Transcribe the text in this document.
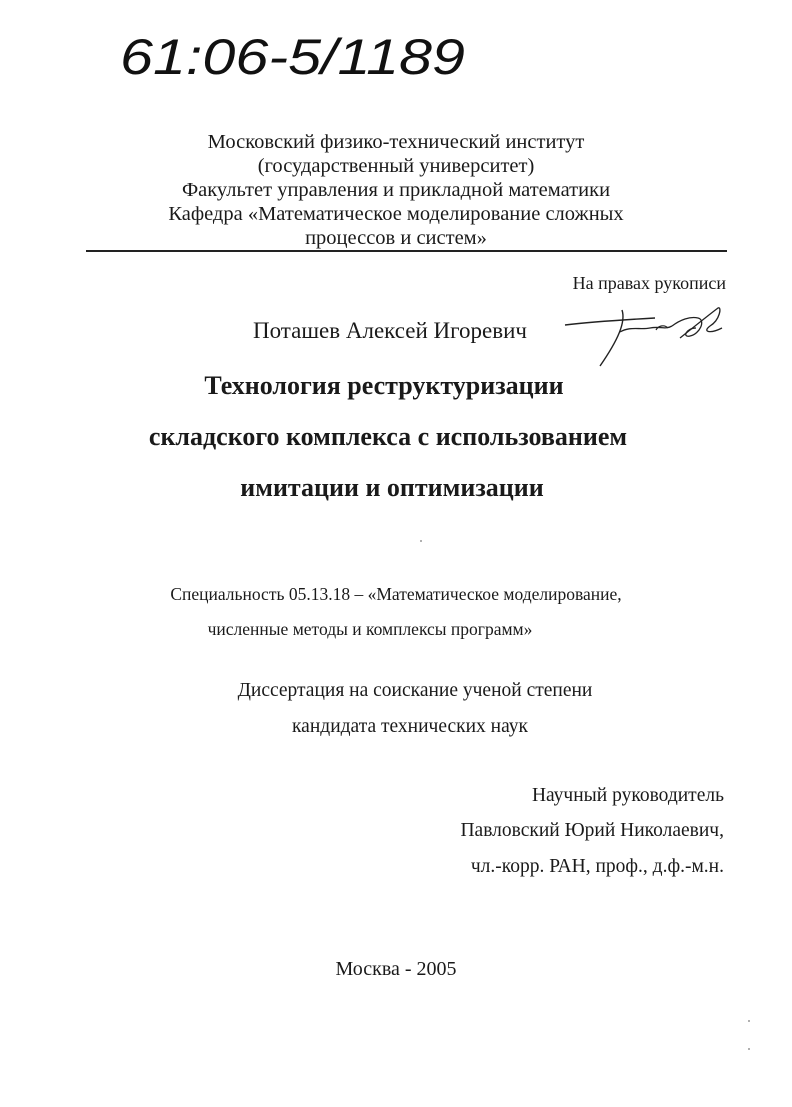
61:06-5/1189
Московский физико-технический институт
(государственный университет)
Факультет управления и прикладной математики
Кафедра «Математическое моделирование сложных
процессов и систем»
На правах рукописи
Поташев Алексей Игоревич
Технология реструктуризации
складского комплекса с использованием
имитации и оптимизации
Специальность 05.13.18 – «Математическое моделирование,
численные методы и комплексы программ»
Диссертация на соискание ученой степени
кандидата технических наук
Научный руководитель
Павловский Юрий Николаевич,
чл.-корр. РАН, проф., д.ф.-м.н.
Москва - 2005
